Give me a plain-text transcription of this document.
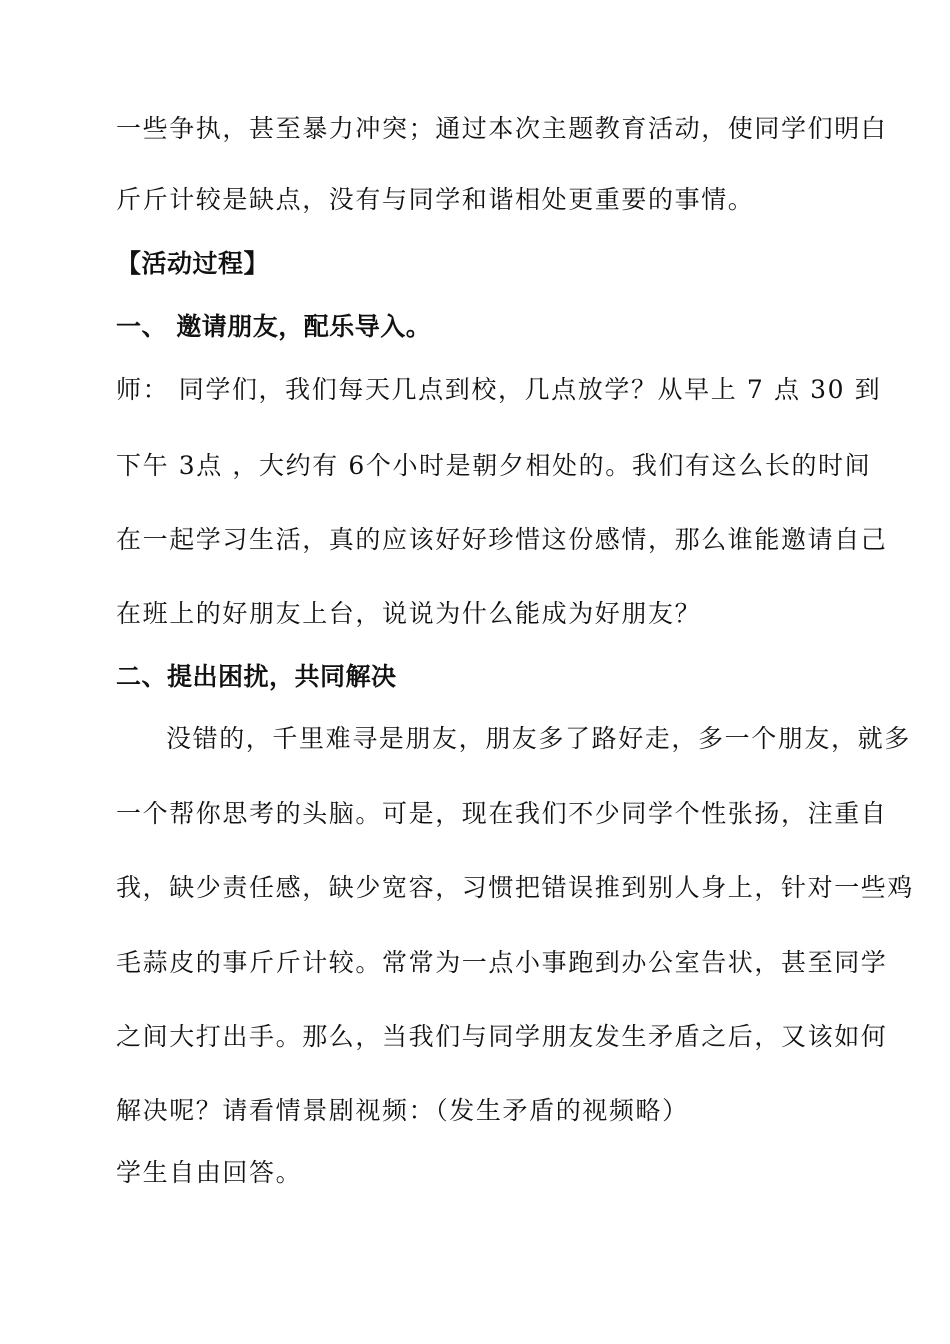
一些争执，甚至暴力冲突；通过本次主题教育活动，使同学们明白
斤斤计较是缺点，没有与同学和谐相处更重要的事情。
【活动过程】
一、 邀请朋友，配乐导入。
师： 同学们，我们每天几点到校，几点放学？从早上 7 点 30 到
下午 3点 ，大约有 6个小时是朝夕相处的。我们有这么长的时间
在一起学习生活，真的应该好好珍惜这份感情，那么谁能邀请自己
在班上的好朋友上台，说说为什么能成为好朋友？
二、提出困扰，共同解决
没错的，千里难寻是朋友，朋友多了路好走，多一个朋友，就多
一个帮你思考的头脑。可是，现在我们不少同学个性张扬，注重自
我，缺少责任感，缺少宽容，习惯把错误推到别人身上，针对一些鸡
毛蒜皮的事斤斤计较。常常为一点小事跑到办公室告状，甚至同学
之间大打出手。那么，当我们与同学朋友发生矛盾之后，又该如何
解决呢？请看情景剧视频：（发生矛盾的视频略）
学生自由回答。
